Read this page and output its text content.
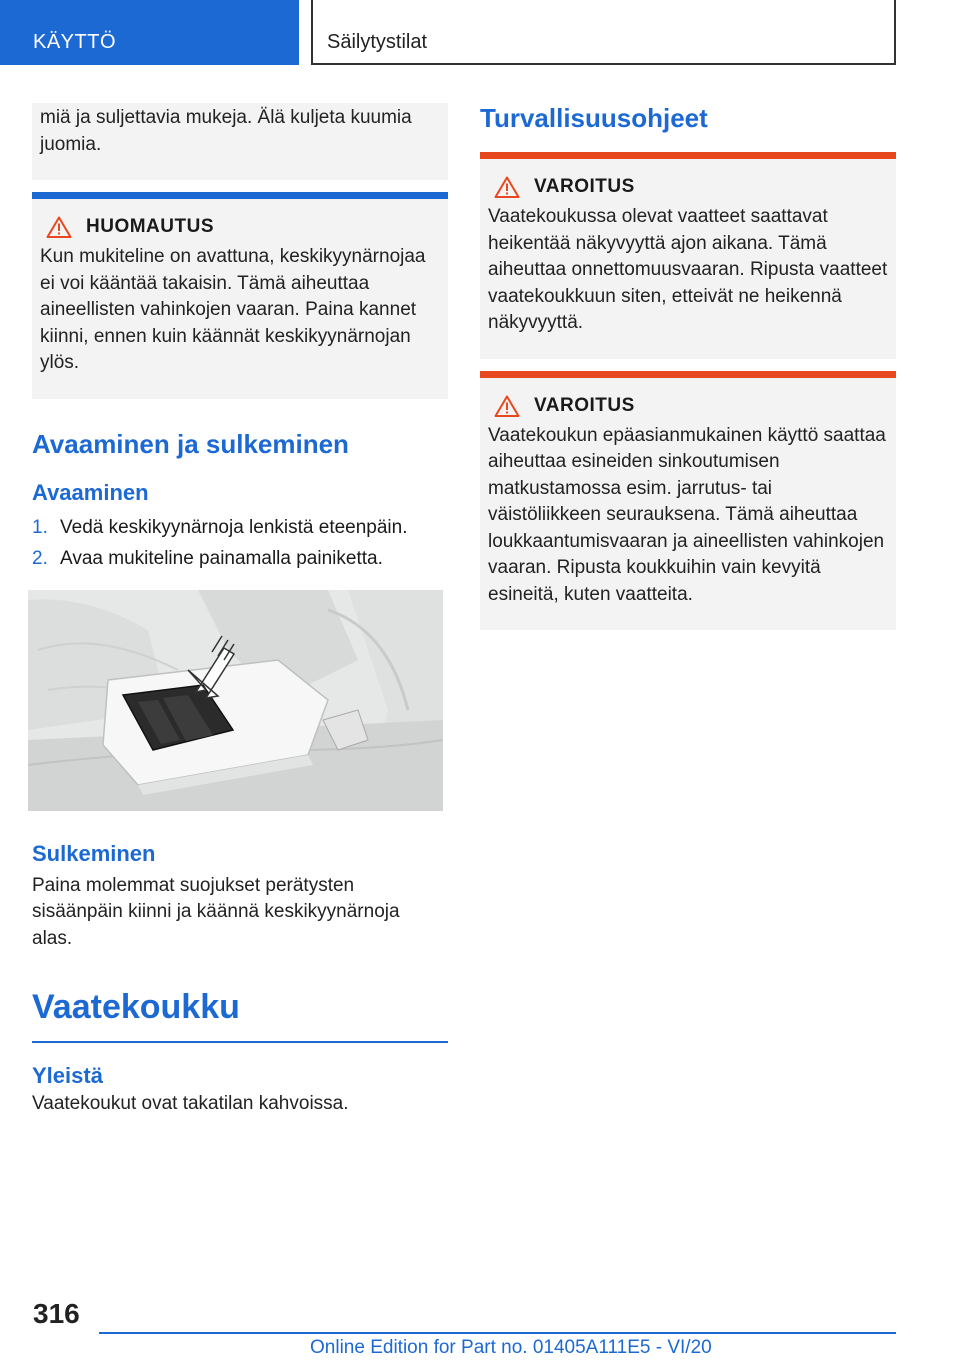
KÄYTTÖ	Säilytystilat

miä ja suljettavia mukeja. Älä kuljeta kuumia juomia.

HUOMAUTUS

Kun mukiteline on avattuna, keskikyynärnojaa ei voi kääntää takaisin. Tämä aiheuttaa aineellisten vahinkojen vaaran. Paina kannet kiinni, ennen kuin käännät keskikyynärnojan ylös.

Avaaminen ja sulkeminen
Avaaminen
1. Vedä keskikyynärnoja lenkistä eteenpäin.
2. Avaa mukiteline painamalla painiketta.
Sulkeminen

Paina molemmat suojukset perätysten sisäänpäin kiinni ja käännä keskikyynärnoja alas.

Vaatekoukku
Yleistä

Vaatekoukut ovat takatilan kahvoissa.

Turvallisuusohjeet
VAROITUS

Vaatekoukussa olevat vaatteet saattavat heikentää näkyvyyttä ajon aikana. Tämä aiheuttaa onnettomuusvaaran. Ripusta vaatteet vaatekoukkuun siten, etteivät ne heikennä näkyvyyttä.

VAROITUS

Vaatekoukun epäasianmukainen käyttö saattaa aiheuttaa esineiden sinkoutumisen matkustamossa esim. jarrutus- tai väistöliikkeen seurauksena. Tämä aiheuttaa loukkaantumisvaaran ja aineellisten vahinkojen vaaran. Ripusta koukkuihin vain kevyitä esineitä, kuten vaatteita.

316
Online Edition for Part no. 01405A111E5 - VI/20
